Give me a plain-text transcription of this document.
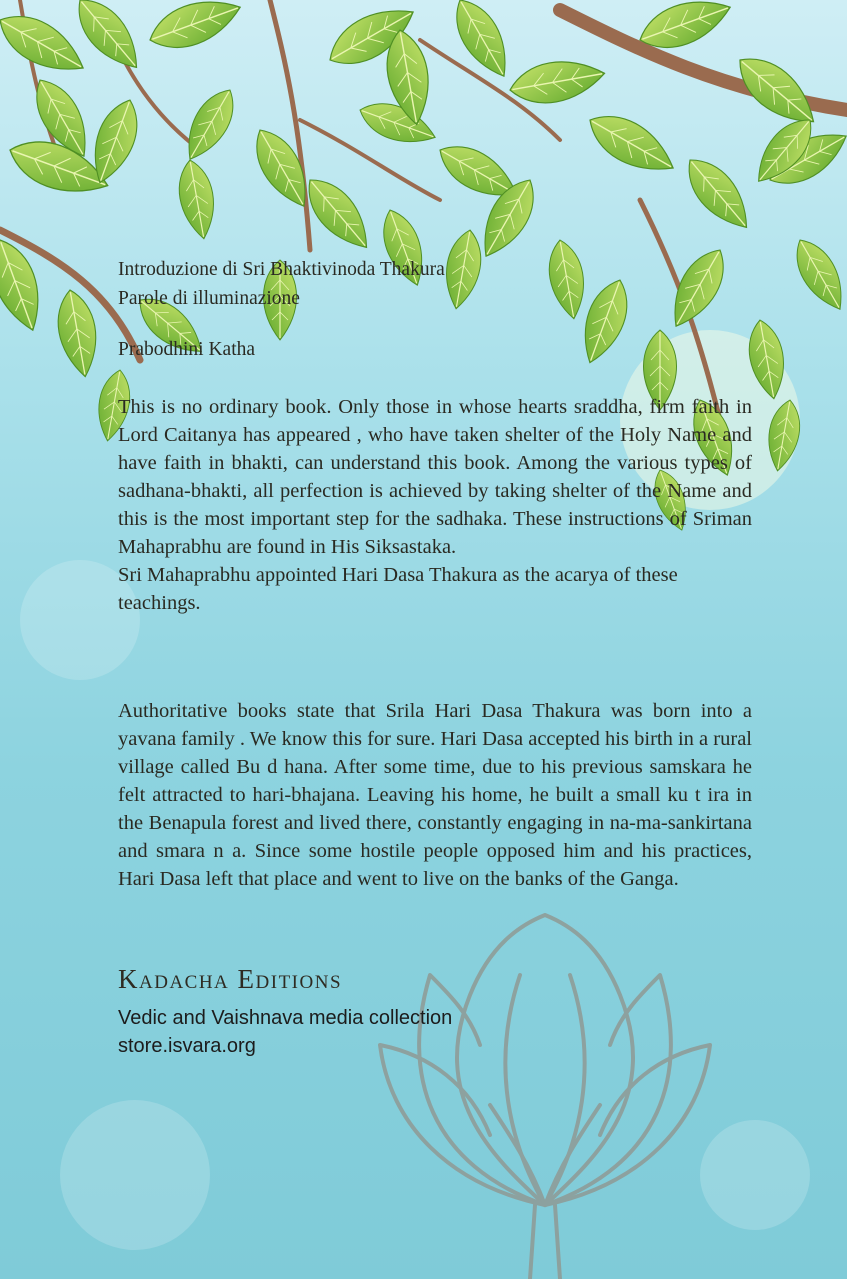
Introduzione di Sri Bhaktivinoda Thakura
Parole di illuminazione
Prabodhini Katha

This is no ordinary book. Only those in whose hearts sraddha, firm faith in Lord Caitanya has appeared , who have taken shelter of the Holy Name and have faith in bhakti, can understand this book. Among the various types of sadhana-bhakti, all perfection is achieved by taking shelter of the Name and this is the most important step for the sadhaka. These instructions of Sriman Mahaprabhu are found in His Siksastaka.

Sri Mahaprabhu appointed Hari Dasa Thakura as the acarya of these teachings.

Authoritative books state that Srila Hari Dasa Thakura was born into a yavana family . We know this for sure. Hari Dasa accepted his birth in a rural village called Bu d hana. After some time, due to his previous samskara he felt attracted to hari-bhajana. Leaving his home, he built a small ku t ira in the Benapula forest and lived there, constantly engaging in na-ma-sankirtana and smara n a. Since some hostile people opposed him and his practices, Hari Dasa left that place and went to live on the banks of the Ganga.

Kadacha Editions
Vedic and Vaishnava media collection
store.isvara.org
